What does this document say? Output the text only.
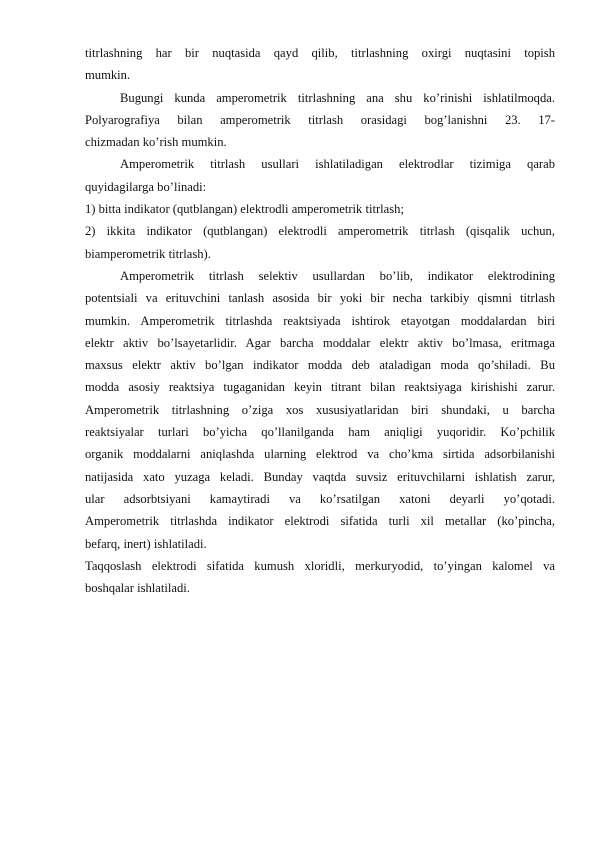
titrlashning har bir nuqtasida qayd qilib, titrlashning oxirgi nuqtasini topish
mumkin.
Bugungi kunda amperometrik titrlashning ana shu ko’rinishi ishlatilmoqda.
Polyarografiya bilan amperometrik titrlash orasidagi bog’lanishni 23. 17-
chizmadan ko’rish mumkin.
Amperometrik titrlash usullari ishlatiladigan elektrodlar tizimiga qarab
quyidagilarga bo’linadi:
1) bitta indikator (qutblangan) elektrodli amperometrik titrlash;
2) ikkita indikator (qutblangan) elektrodli amperometrik titrlash (qisqalik uchun,
biamperometrik titrlash).
Amperometrik titrlash selektiv usullardan bo’lib, indikator elektrodining
potentsiali va erituvchini tanlash asosida bir yoki bir necha tarkibiy qismni titrlash
mumkin. Amperometrik titrlashda reaktsiyada ishtirok etayotgan moddalardan biri
elektr aktiv bo’lsayetarlidir. Agar barcha moddalar elektr aktiv bo’lmasa, eritmaga
maxsus elektr aktiv bo’lgan indikator modda deb ataladigan moda qo’shiladi. Bu
modda asosiy reaktsiya tugaganidan keyin titrant bilan reaktsiyaga kirishishi zarur.
Amperometrik titrlashning o’ziga xos xususiyatlaridan biri shundaki, u barcha
reaktsiyalar turlari bo’yicha qo’llanilganda ham aniqligi yuqoridir. Ko’pchilik
organik moddalarni aniqlashda ularning elektrod va cho’kma sirtida adsorbilanishi
natijasida xato yuzaga keladi. Bunday vaqtda suvsiz erituvchilarni ishlatish zarur,
ular adsorbtsiyani kamaytiradi va ko’rsatilgan xatoni deyarli yo’qotadi.
Amperometrik titrlashda indikator elektrodi sifatida turli xil metallar (ko’pincha,
befarq, inert) ishlatiladi.
Taqqoslash elektrodi sifatida kumush xloridli, merkuryodid, to’yingan kalomel va
boshqalar ishlatiladi.
